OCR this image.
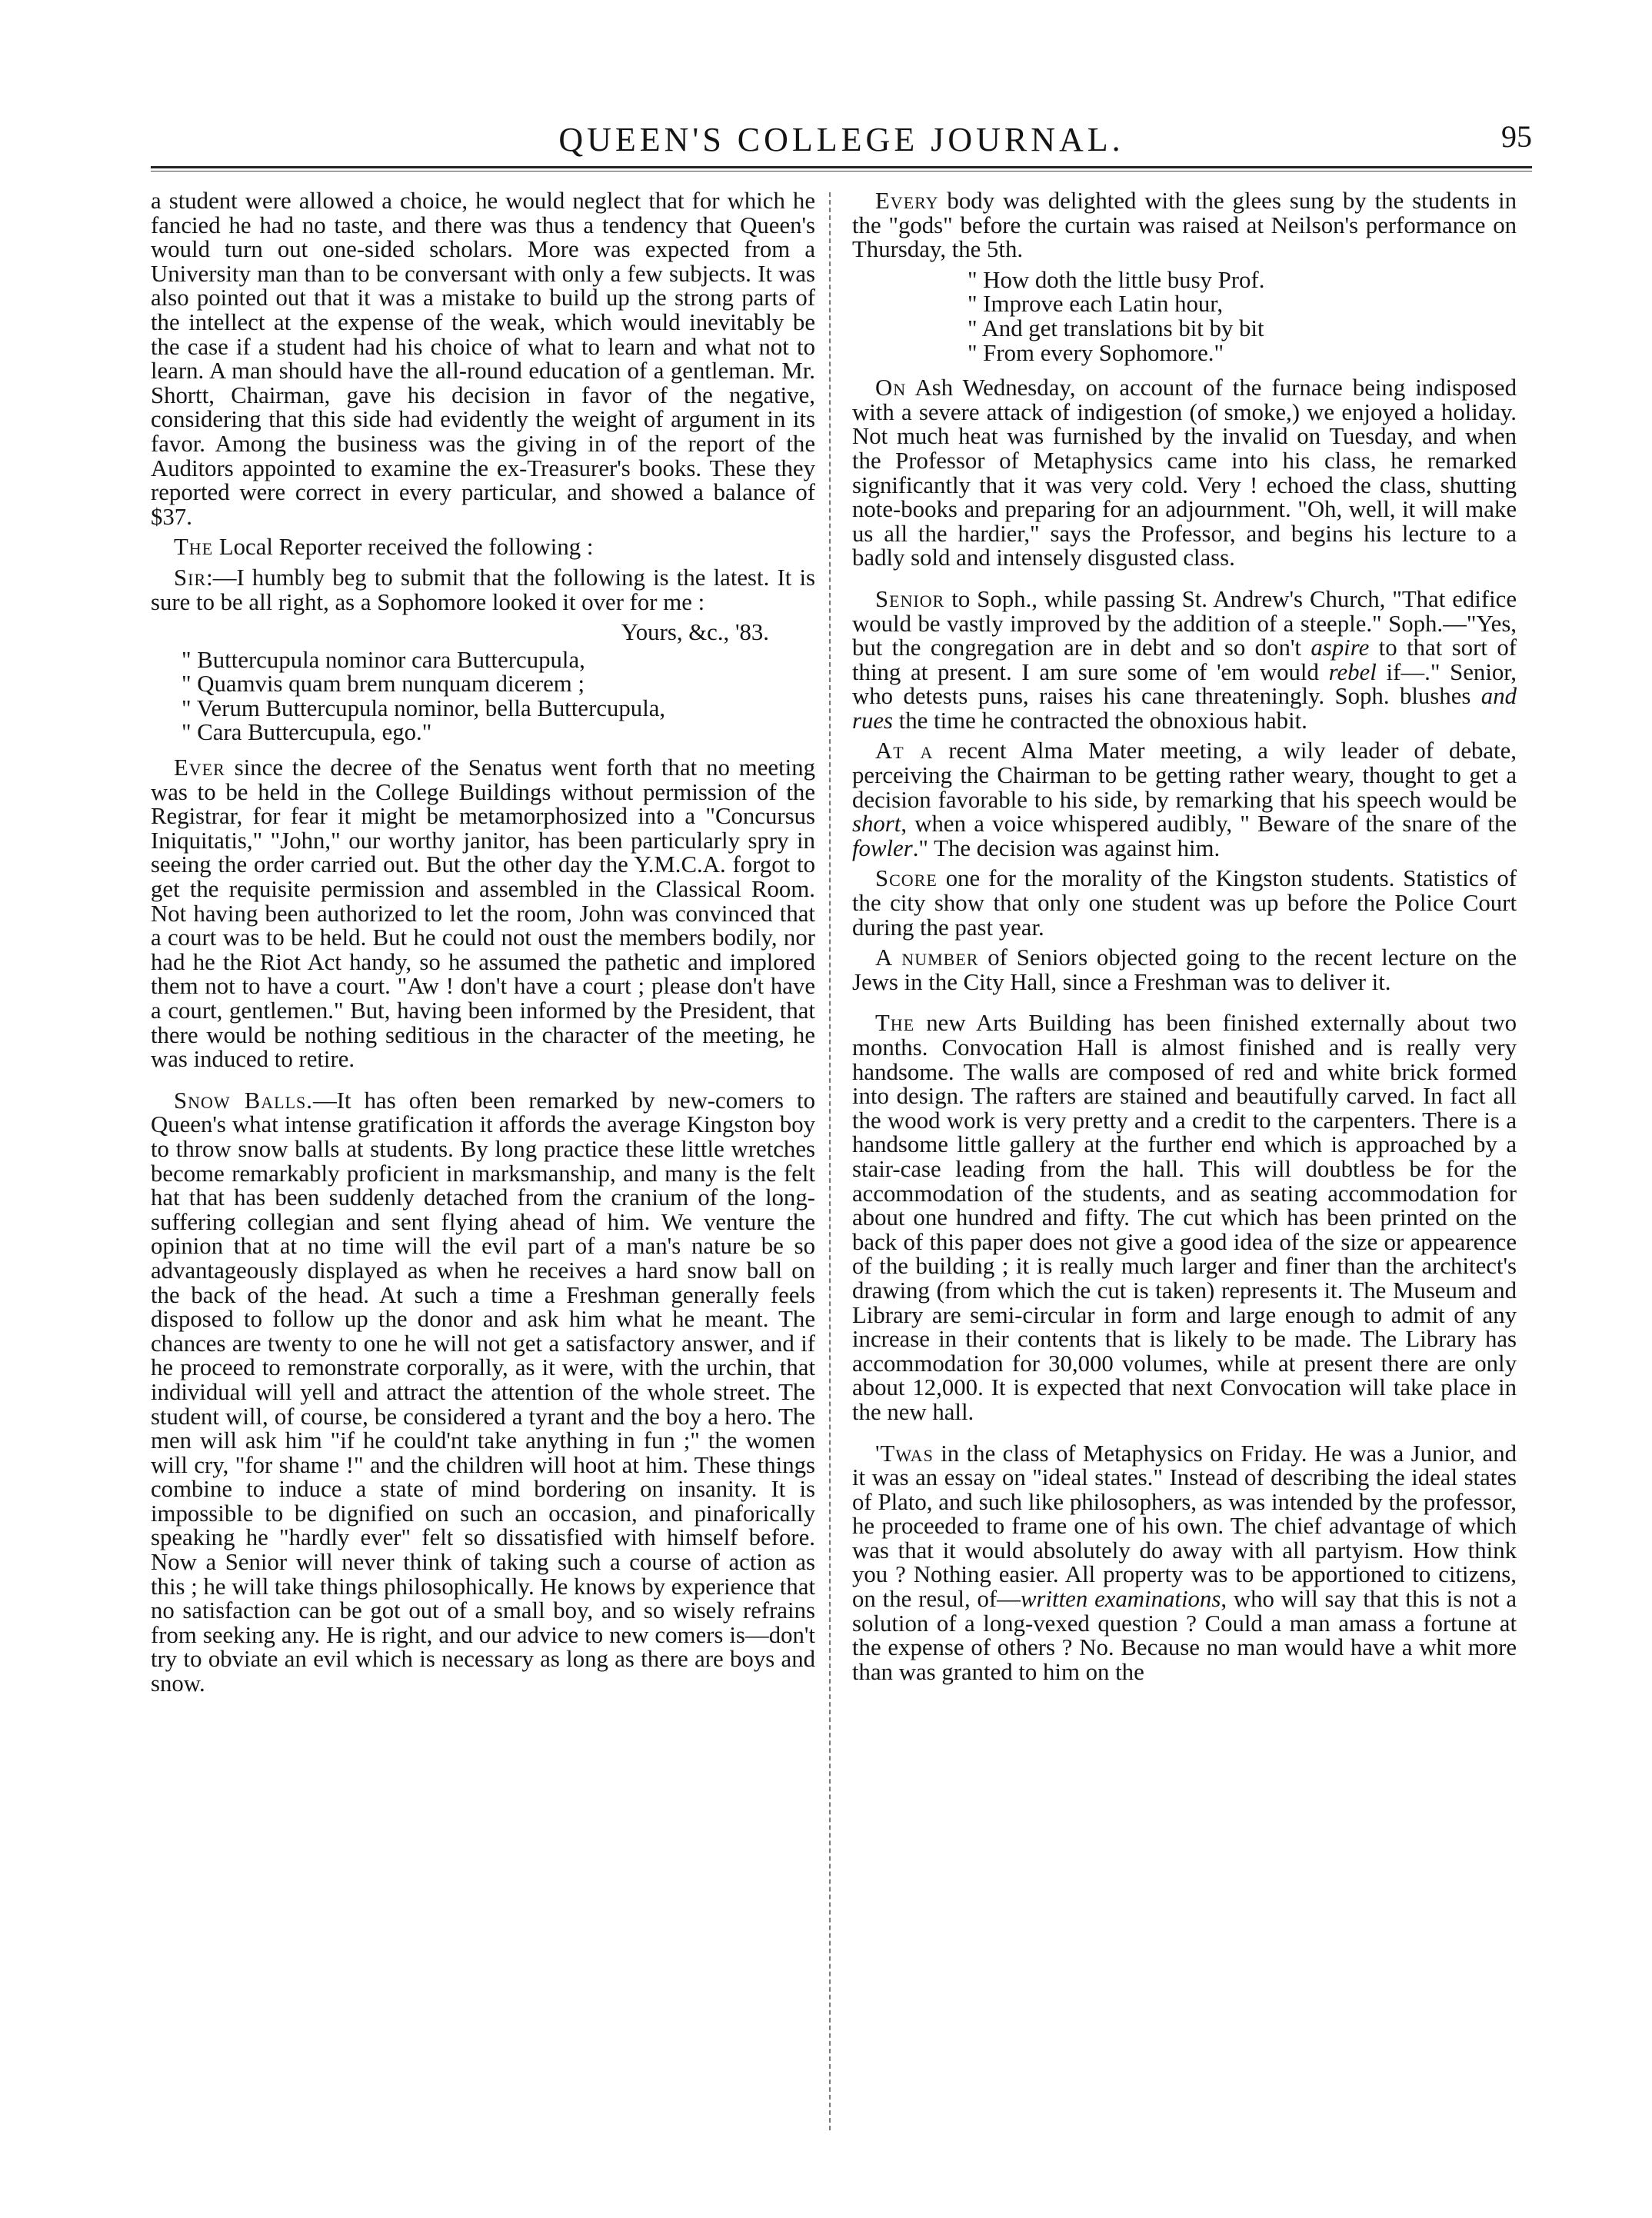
QUEEN'S COLLEGE JOURNAL.	95

a student were allowed a choice, he would neglect that for which he fancied he had no taste, and there was thus a tendency that Queen's would turn out one-sided scholars. More was expected from a University man than to be conversant with only a few subjects. It was also pointed out that it was a mistake to build up the strong parts of the intellect at the expense of the weak, which would inevitably be the case if a student had his choice of what to learn and what not to learn. A man should have the all-round education of a gentleman. Mr. Shortt, Chairman, gave his decision in favor of the negative, considering that this side had evidently the weight of argument in its favor. Among the business was the giving in of the report of the Auditors appointed to examine the ex-Treasurer's books. These they reported were correct in every particular, and showed a balance of $37.

The Local Reporter received the following :

Sir:—I humbly beg to submit that the following is the latest. It is sure to be all right, as a Sophomore looked it over for me :

Yours, &c., '83.
" Buttercupula nominor cara Buttercupula,
" Quamvis quam brem nunquam dicerem ;
" Verum Buttercupula nominor, bella Buttercupula,
" Cara Buttercupula, ego."

Ever since the decree of the Senatus went forth that no meeting was to be held in the College Buildings without permission of the Registrar, for fear it might be metamorphosized into a "Concursus Iniquitatis," "John," our worthy janitor, has been particularly spry in seeing the order carried out. But the other day the Y.M.C.A. forgot to get the requisite permission and assembled in the Classical Room. Not having been authorized to let the room, John was convinced that a court was to be held. But he could not oust the members bodily, nor had he the Riot Act handy, so he assumed the pathetic and implored them not to have a court. "Aw ! don't have a court ; please don't have a court, gentlemen." But, having been informed by the President, that there would be nothing seditious in the character of the meeting, he was induced to retire.

Snow Balls.—It has often been remarked by new-comers to Queen's what intense gratification it affords the average Kingston boy to throw snow balls at students. By long practice these little wretches become remarkably proficient in marksmanship, and many is the felt hat that has been suddenly detached from the cranium of the long-suffering collegian and sent flying ahead of him. We venture the opinion that at no time will the evil part of a man's nature be so advantageously displayed as when he receives a hard snow ball on the back of the head. At such a time a Freshman generally feels disposed to follow up the donor and ask him what he meant. The chances are twenty to one he will not get a satisfactory answer, and if he proceed to remonstrate corporally, as it were, with the urchin, that individual will yell and attract the attention of the whole street. The student will, of course, be considered a tyrant and the boy a hero. The men will ask him "if he could'nt take anything in fun ;" the women will cry, "for shame !" and the children will hoot at him. These things combine to induce a state of mind bordering on insanity. It is impossible to be dignified on such an occasion, and pinaforically speaking he "hardly ever" felt so dissatisfied with himself before. Now a Senior will never think of taking such a course of action as this ; he will take things philosophically. He knows by experience that no satisfaction can be got out of a small boy, and so wisely refrains from seeking any. He is right, and our advice to new comers is—don't try to obviate an evil which is necessary as long as there are boys and snow.

Every body was delighted with the glees sung by the students in the "gods" before the curtain was raised at Neilson's performance on Thursday, the 5th.

" How doth the little busy Prof.
" Improve each Latin hour,
" And get translations bit by bit
" From every Sophomore."

On Ash Wednesday, on account of the furnace being indisposed with a severe attack of indigestion (of smoke,) we enjoyed a holiday. Not much heat was furnished by the invalid on Tuesday, and when the Professor of Metaphysics came into his class, he remarked significantly that it was very cold. Very ! echoed the class, shutting note-books and preparing for an adjournment. "Oh, well, it will make us all the hardier," says the Professor, and begins his lecture to a badly sold and intensely disgusted class.

Senior to Soph., while passing St. Andrew's Church, "That edifice would be vastly improved by the addition of a steeple." Soph.—"Yes, but the congregation are in debt and so don't aspire to that sort of thing at present. I am sure some of 'em would rebel if—." Senior, who detests puns, raises his cane threateningly. Soph. blushes and rues the time he contracted the obnoxious habit.

At a recent Alma Mater meeting, a wily leader of debate, perceiving the Chairman to be getting rather weary, thought to get a decision favorable to his side, by remarking that his speech would be short, when a voice whispered audibly, " Beware of the snare of the fowler." The decision was against him.

Score one for the morality of the Kingston students. Statistics of the city show that only one student was up before the Police Court during the past year.

A number of Seniors objected going to the recent lecture on the Jews in the City Hall, since a Freshman was to deliver it.

The new Arts Building has been finished externally about two months. Convocation Hall is almost finished and is really very handsome. The walls are composed of red and white brick formed into design. The rafters are stained and beautifully carved. In fact all the wood work is very pretty and a credit to the carpenters. There is a handsome little gallery at the further end which is approached by a stair-case leading from the hall. This will doubtless be for the accommodation of the students, and as seating accommodation for about one hundred and fifty. The cut which has been printed on the back of this paper does not give a good idea of the size or appearence of the building ; it is really much larger and finer than the architect's drawing (from which the cut is taken) represents it. The Museum and Library are semi-circular in form and large enough to admit of any increase in their contents that is likely to be made. The Library has accommodation for 30,000 volumes, while at present there are only about 12,000. It is expected that next Convocation will take place in the new hall.

'Twas in the class of Metaphysics on Friday. He was a Junior, and it was an essay on "ideal states." Instead of describing the ideal states of Plato, and such like philosophers, as was intended by the professor, he proceeded to frame one of his own. The chief advantage of which was that it would absolutely do away with all partyism. How think you ? Nothing easier. All property was to be apportioned to citizens, on the resul, of—written examinations, who will say that this is not a solution of a long-vexed question ? Could a man amass a fortune at the expense of others ? No. Because no man would have a whit more than was granted to him on the
